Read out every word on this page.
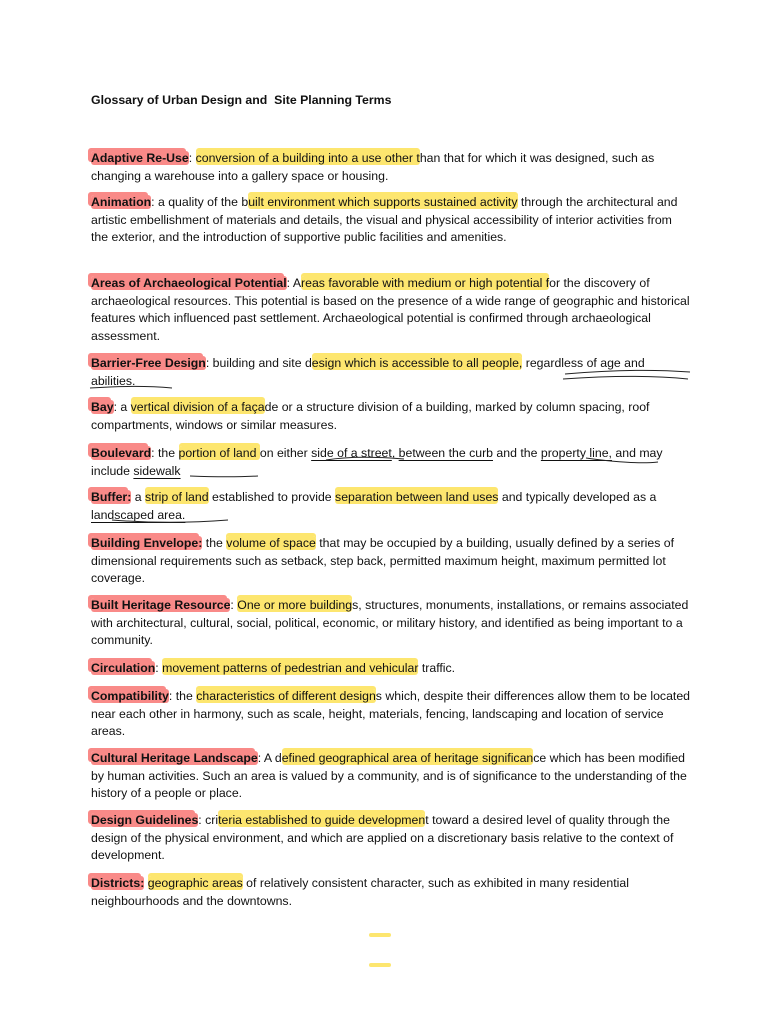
Glossary of Urban Design and  Site Planning Terms

Adaptive Re-Use: conversion of a building into a use other than that for which it was designed, such as changing a warehouse into a gallery space or housing.

Animation: a quality of the built environment which supports sustained activity through the architectural and artistic embellishment of materials and details, the visual and physical accessibility of interior activities from the exterior, and the introduction of supportive public facilities and amenities.

Areas of Archaeological Potential: Areas favorable with medium or high potential for the discovery of archaeological resources. This potential is based on the presence of a wide range of geographic and historical features which influenced past settlement. Archaeological potential is confirmed through archaeological assessment.

Barrier-Free Design: building and site design which is accessible to all people, regardless of age and abilities.

Bay: a vertical division of a façade or a structure division of a building, marked by column spacing, roof compartments, windows or similar measures.

Boulevard: the portion of land on either side of a street, between the curb and the property line, and may include sidewalk

Buffer: a strip of land established to provide separation between land uses and typically developed as a landscaped area.

Building Envelope: the volume of space that may be occupied by a building, usually defined by a series of dimensional requirements such as setback, step back, permitted maximum height, maximum permitted lot coverage.

Built Heritage Resource: One or more buildings, structures, monuments, installations, or remains associated with architectural, cultural, social, political, economic, or military history, and identified as being important to a community.

Circulation: movement patterns of pedestrian and vehicular traffic.

Compatibility: the characteristics of different designs which, despite their differences allow them to be located near each other in harmony, such as scale, height, materials, fencing, landscaping and location of service areas.

Cultural Heritage Landscape: A defined geographical area of heritage significance which has been modified by human activities. Such an area is valued by a community, and is of significance to the understanding of the history of a people or place.

Design Guidelines: criteria established to guide development toward a desired level of quality through the design of the physical environment, and which are applied on a discretionary basis relative to the context of development.

Districts: geographic areas of relatively consistent character, such as exhibited in many residential neighbourhoods and the downtowns.
